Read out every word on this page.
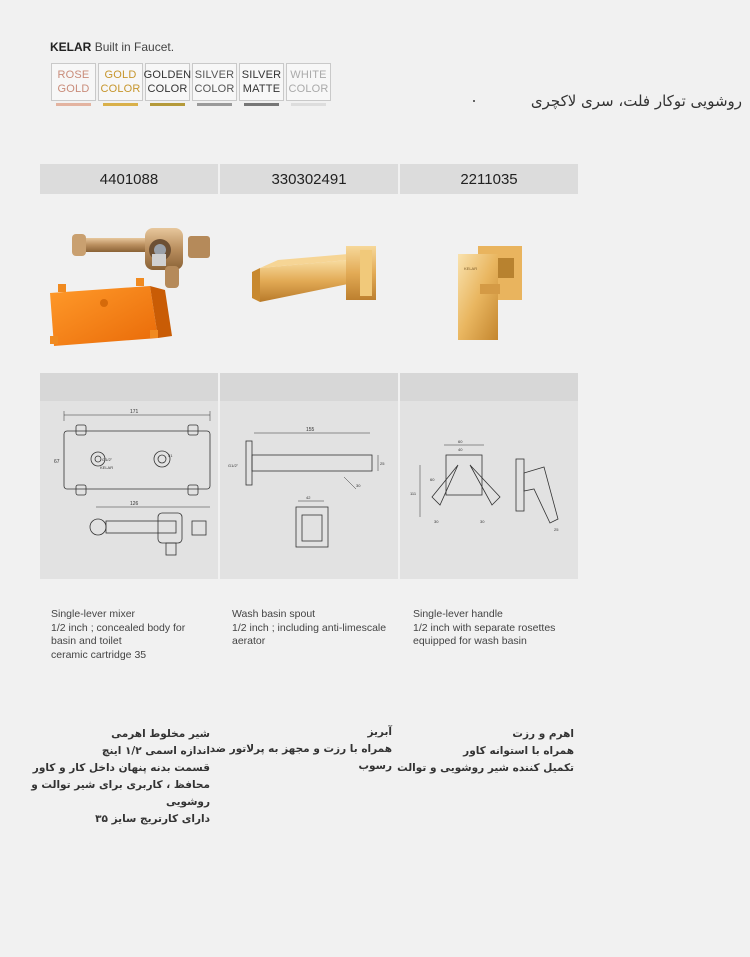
KELAR Built in Faucet.
ROSE
GOLD
GOLD
COLOR
GOLDEN
COLOR
SILVER
COLOR
SILVER
MATTE
WHITE
COLOR
روشویی توکار فلت، سری لاکچری
4401088	330302491	2211035
KELAR
171
G1/2"
KELAR
51
67
126
155
25
G1/2"
30
42
60
40
111
60
30	30
25
Single-lever mixer
1/2 inch ; concealed body for
basin and toilet
ceramic cartridge 35
Wash basin spout
1/2 inch ; including anti-limescale
aerator
Single-lever handle
1/2 inch with separate rosettes
equipped for wash basin
شیر مخلوط اهرمی
اندازه اسمی ۱/۲ اینچ
قسمت بدنه پنهان داخل کار و کاور
محافظ ، کاربری برای شیر توالت و
روشویی
دارای کارتریج سایز ۳۵
آبریز
همراه با رزت و مجهز به پرلاتور ضد
رسوب
اهرم و رزت
همراه با استوانه کاور
تکمیل کننده شیر روشویی و توالت
